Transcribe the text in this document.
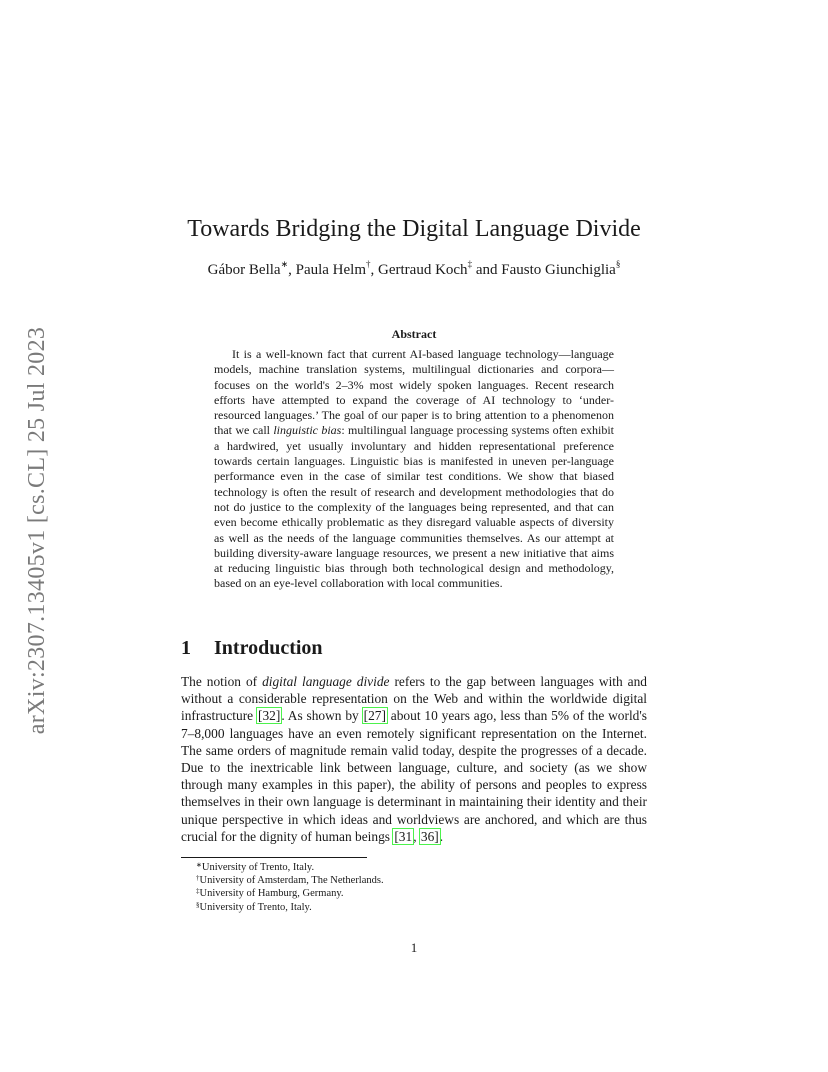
arXiv:2307.13405v1 [cs.CL] 25 Jul 2023
Towards Bridging the Digital Language Divide
Gábor Bella∗, Paula Helm†, Gertraud Koch‡ and Fausto Giunchiglia§
Abstract
It is a well-known fact that current AI-based language technology—language models, machine translation systems, multilingual dictionaries and corpora—focuses on the world's 2–3% most widely spoken languages. Recent research efforts have attempted to expand the coverage of AI technology to ‘under-resourced languages.’ The goal of our paper is to bring attention to a phenomenon that we call linguistic bias: multilingual language processing systems often exhibit a hardwired, yet usually involuntary and hidden representational preference towards certain languages. Linguistic bias is manifested in uneven per-language performance even in the case of similar test conditions. We show that biased technology is often the result of research and development methodologies that do not do justice to the complexity of the languages being represented, and that can even become ethically problematic as they disregard valuable aspects of diversity as well as the needs of the language communities themselves. As our attempt at building diversity-aware language resources, we present a new initiative that aims at reducing linguistic bias through both technological design and methodology, based on an eye-level collaboration with local communities.
1 Introduction
The notion of digital language divide refers to the gap between languages with and without a considerable representation on the Web and within the worldwide digital infrastructure [32]. As shown by [27] about 10 years ago, less than 5% of the world's 7–8,000 languages have an even remotely significant representation on the Internet. The same orders of magnitude remain valid today, despite the progresses of a decade. Due to the inextricable link between language, culture, and society (as we show through many examples in this paper), the ability of persons and peoples to express themselves in their own language is determinant in maintaining their identity and their unique perspective in which ideas and worldviews are anchored, and which are thus crucial for the dignity of human beings [31, 36].
∗University of Trento, Italy.
†University of Amsterdam, The Netherlands.
‡University of Hamburg, Germany.
§University of Trento, Italy.
1
